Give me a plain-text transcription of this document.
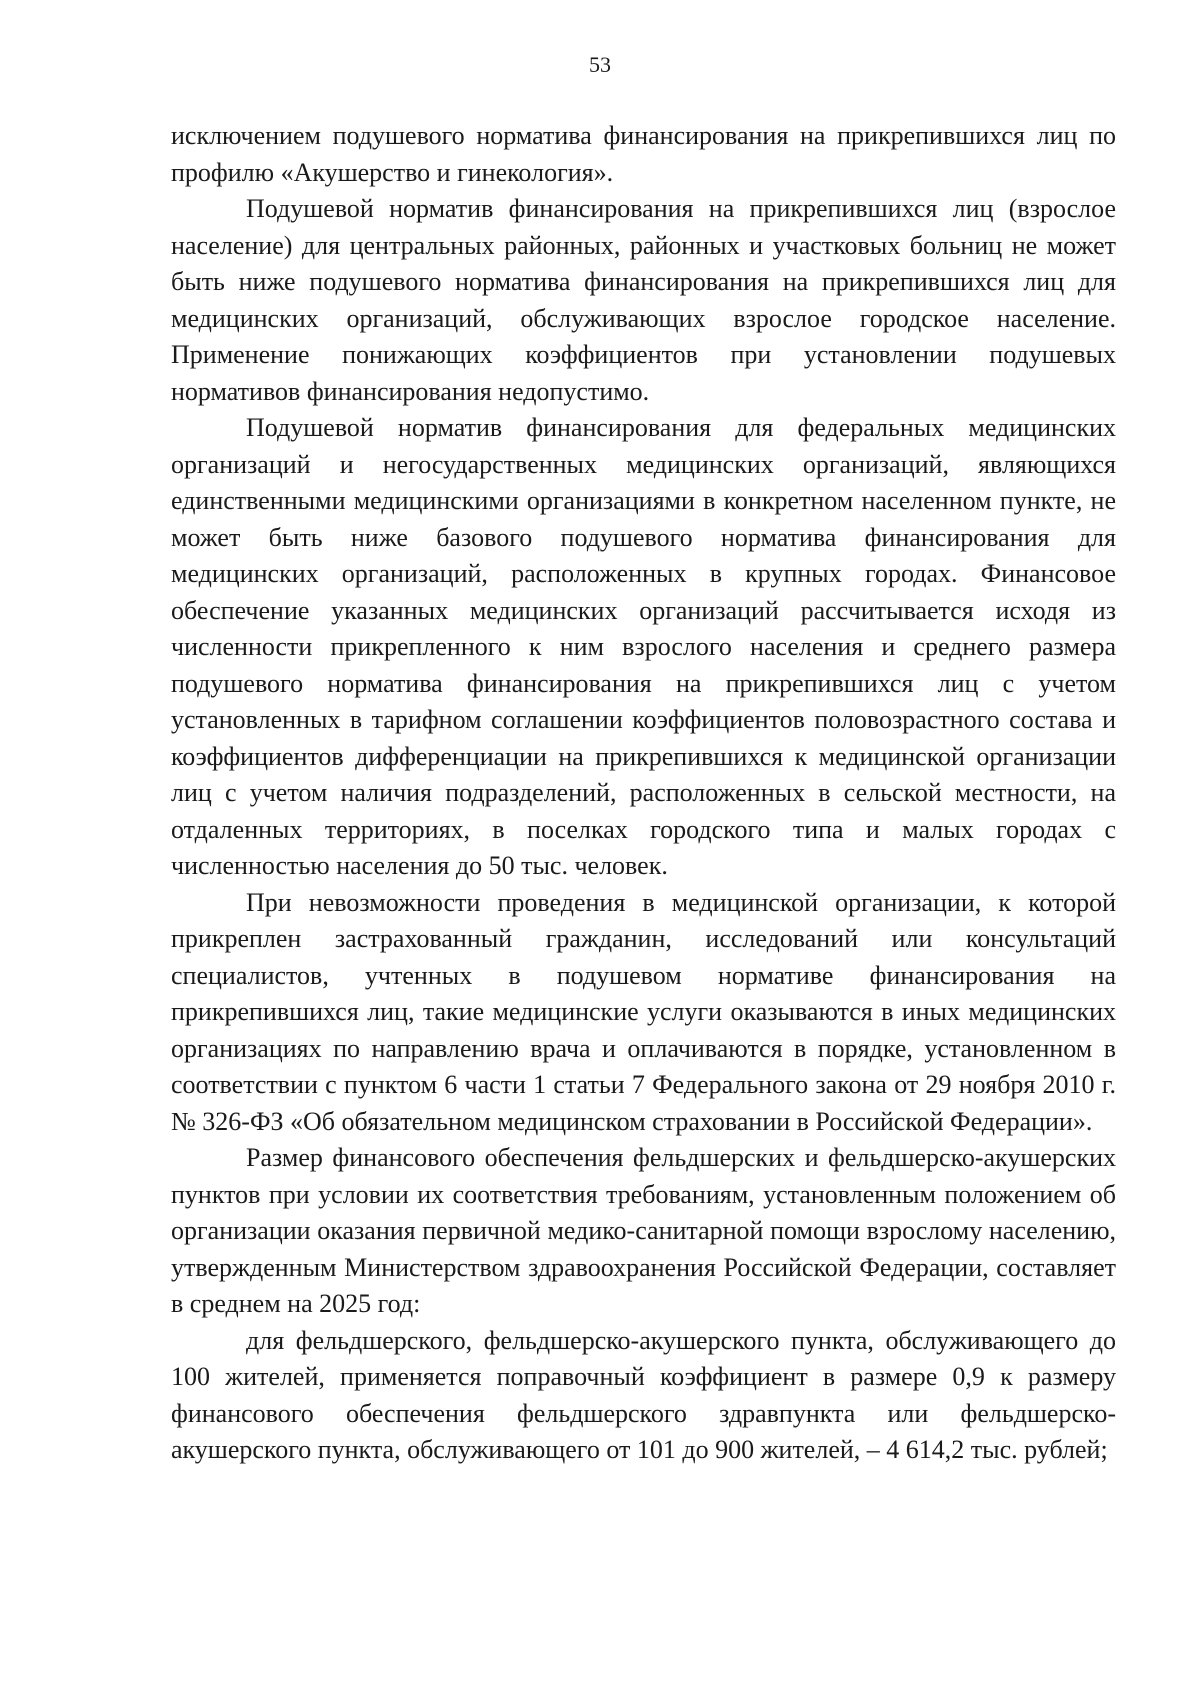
53

исключением подушевого норматива финансирования на прикрепившихся лиц по профилю «Акушерство и гинекология».

Подушевой норматив финансирования на прикрепившихся лиц (взрослое население) для центральных районных, районных и участковых больниц не может быть ниже подушевого норматива финансирования на прикрепившихся лиц для медицинских организаций, обслуживающих взрослое городское население. Применение понижающих коэффициентов при установлении подушевых нормативов финансирования недопустимо.

Подушевой норматив финансирования для федеральных медицинских организаций и негосударственных медицинских организаций, являющихся единственными медицинскими организациями в конкретном населенном пункте, не может быть ниже базового подушевого норматива финансирования для медицинских организаций, расположенных в крупных городах. Финансовое обеспечение указанных медицинских организаций рассчитывается исходя из численности прикрепленного к ним взрослого населения и среднего размера подушевого норматива финансирования на прикрепившихся лиц с учетом установленных в тарифном соглашении коэффициентов половозрастного состава и коэффициентов дифференциации на прикрепившихся к медицинской организации лиц с учетом наличия подразделений, расположенных в сельской местности, на отдаленных территориях, в поселках городского типа и малых городах с численностью населения до 50 тыс. человек.

При невозможности проведения в медицинской организации, к которой прикреплен застрахованный гражданин, исследований или консультаций специалистов, учтенных в подушевом нормативе финансирования на прикрепившихся лиц, такие медицинские услуги оказываются в иных медицинских организациях по направлению врача и оплачиваются в порядке, установленном в соответствии с пунктом 6 части 1 статьи 7 Федерального закона от 29 ноября 2010 г. № 326-ФЗ «Об обязательном медицинском страховании в Российской Федерации».

Размер финансового обеспечения фельдшерских и фельдшерско-акушерских пунктов при условии их соответствия требованиям, установленным положением об организации оказания первичной медико-санитарной помощи взрослому населению, утвержденным Министерством здравоохранения Российской Федерации, составляет в среднем на 2025 год:

для фельдшерского, фельдшерско-акушерского пункта, обслуживающего до 100 жителей, применяется поправочный коэффициент в размере 0,9 к размеру финансового обеспечения фельдшерского здравпункта или фельдшерско-акушерского пункта, обслуживающего от 101 до 900 жителей, – 4 614,2 тыс. рублей;
